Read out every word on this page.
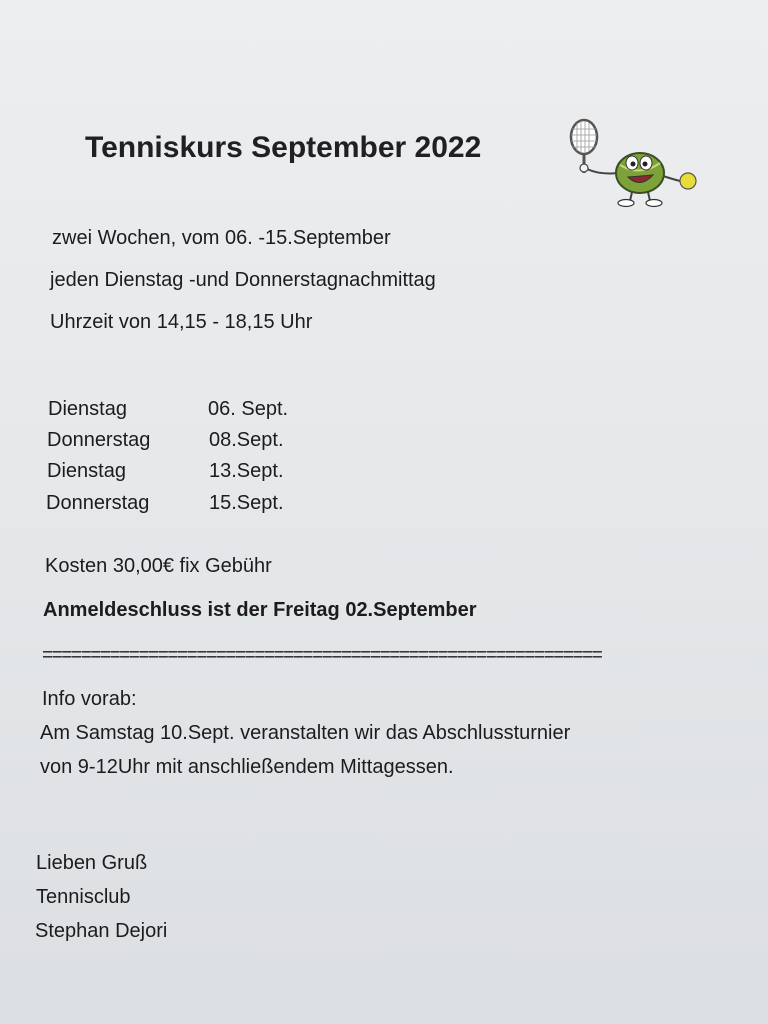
Tenniskurs September 2022
zwei Wochen, vom 06. -15.September
jeden Dienstag -und Donnerstagnachmittag
Uhrzeit von 14,15 - 18,15 Uhr
Dienstag	06. Sept.
Donnerstag	08.Sept.
Dienstag	13.Sept.
Donnerstag	15.Sept.
Kosten 30,00€ fix Gebühr
Anmeldeschluss ist der Freitag 02.September
==========================================================
Info vorab:
Am Samstag 10.Sept. veranstalten wir das Abschlussturnier
von 9-12Uhr mit anschließendem Mittagessen.
Lieben Gruß
Tennisclub
Stephan Dejori
